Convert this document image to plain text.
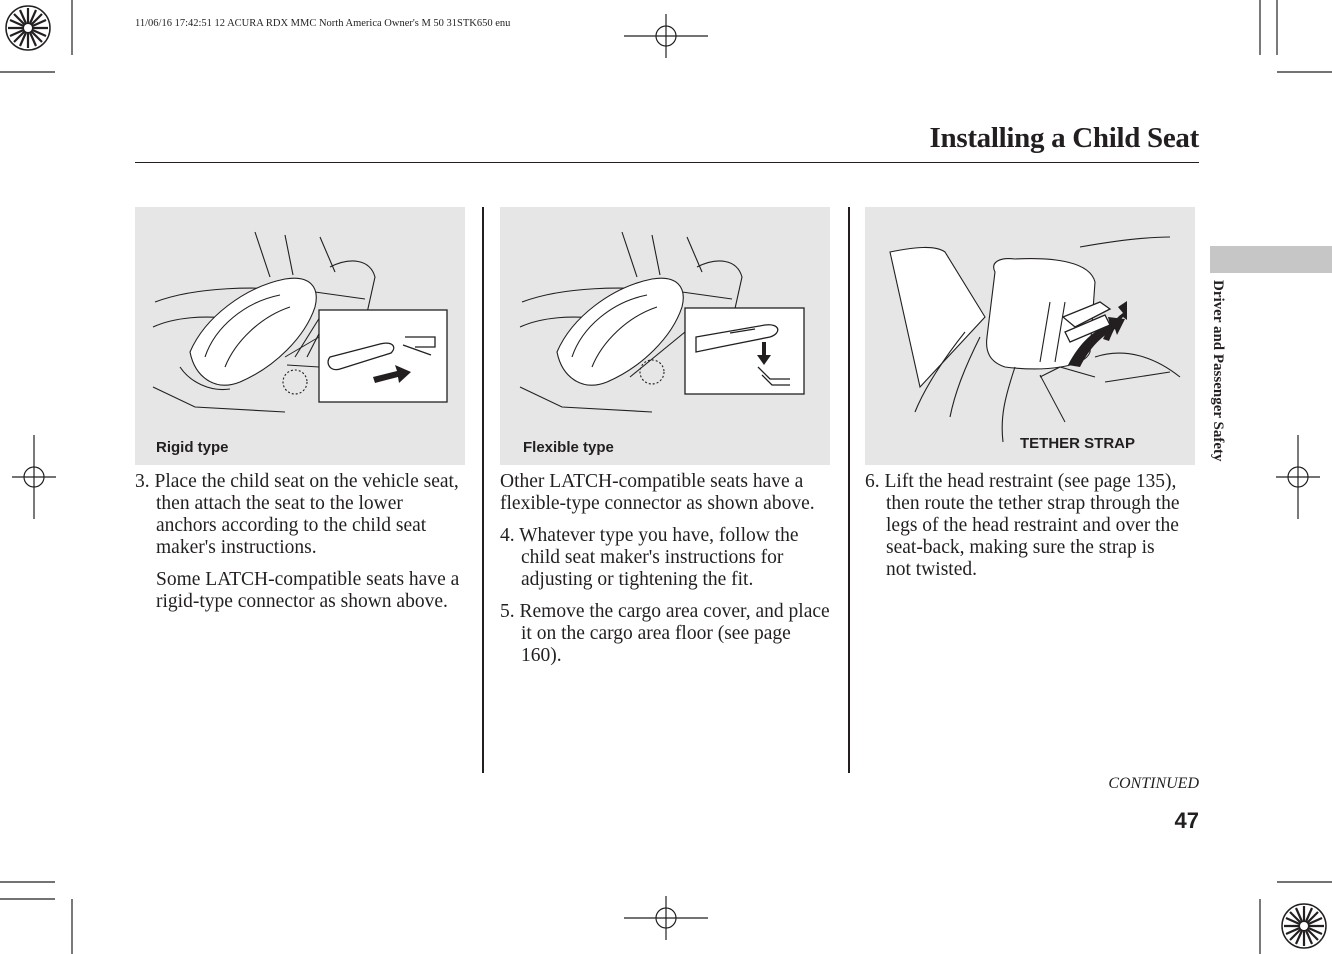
11/06/16 17:42:51 12 ACURA RDX MMC North America Owner's M 50 31STK650 enu
Installing a Child Seat
Rigid type	Flexible type	TETHER STRAP

3. Place the child seat on the vehicle seat, then attach the seat to the lower anchors according to the child seat maker's instructions.

Some LATCH-compatible seats have a rigid-type connector as shown above.

Other LATCH-compatible seats have a flexible-type connector as shown above.

4. Whatever type you have, follow the child seat maker's instructions for adjusting or tightening the fit.

5. Remove the cargo area cover, and place it on the cargo area floor (see page 160).

6. Lift the head restraint (see page 135), then route the tether strap through the legs of the head restraint and over the seat-back, making sure the strap is not twisted.

Driver and Passenger Safety
CONTINUED
47
